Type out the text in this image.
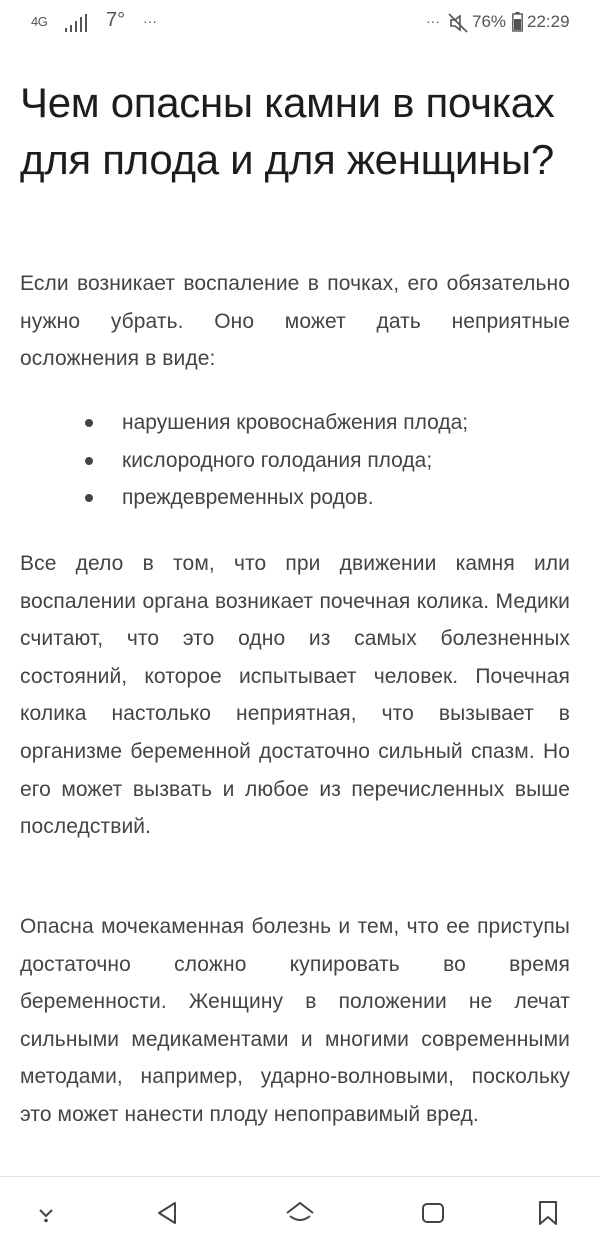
4G	7° ···	··· 76% 22:29
Чем опасны камни в почках для плода и для женщины?

Если возникает воспаление в почках, его обязательно нужно убрать. Оно может дать неприятные осложнения в виде:

нарушения кровоснабжения плода;
кислородного голодания плода;
преждевременных родов.

Все дело в том, что при движении камня или воспалении органа возникает почечная колика. Медики считают, что это одно из самых болезненных состояний, которое испытывает человек. Почечная колика настолько неприятная, что вызывает в организме беременной достаточно сильный спазм. Но его может вызвать и любое из перечисленных выше последствий.

Опасна мочекаменная болезнь и тем, что ее приступы достаточно сложно купировать во время беременности. Женщину в положении не лечат сильными медикаментами и многими современными методами, например, ударно-волновыми, поскольку это может нанести плоду непоправимый вред.
